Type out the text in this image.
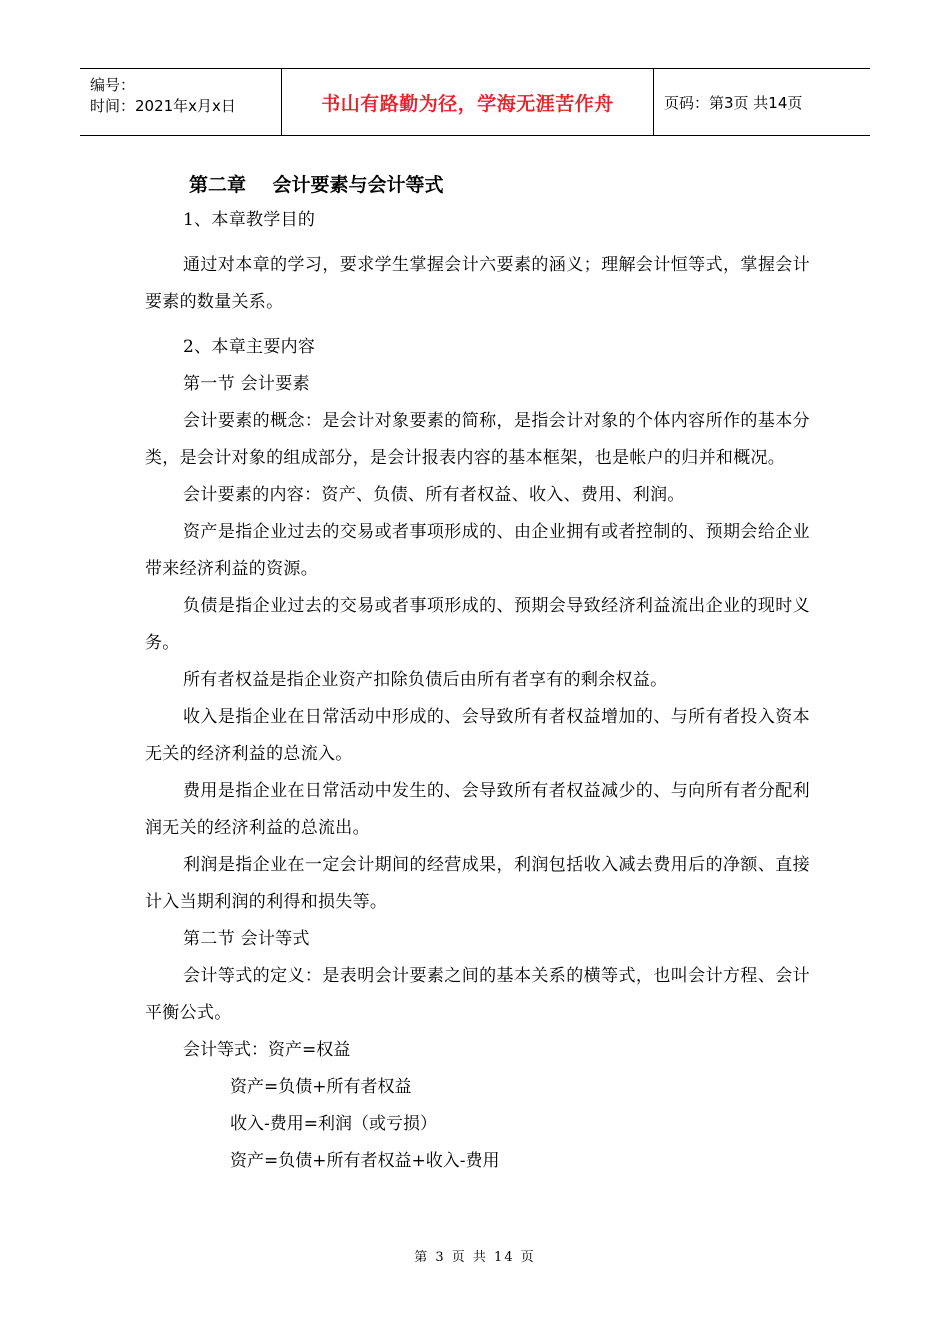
编号：
时间：2021年x月x日	书山有路勤为径，学海无涯苦作舟	页码：第3页 共14页
第二章    会计要素与会计等式

1、本章教学目的

通过对本章的学习，要求学生掌握会计六要素的涵义；理解会计恒等式，掌握会计要素的数量关系。

2、本章主要内容

第一节 会计要素

会计要素的概念：是会计对象要素的简称，是指会计对象的个体内容所作的基本分类，是会计对象的组成部分，是会计报表内容的基本框架，也是帐户的归并和概况。

会计要素的内容：资产、负债、所有者权益、收入、费用、利润。

资产是指企业过去的交易或者事项形成的、由企业拥有或者控制的、预期会给企业带来经济利益的资源。

负债是指企业过去的交易或者事项形成的、预期会导致经济利益流出企业的现时义务。

所有者权益是指企业资产扣除负债后由所有者享有的剩余权益。

收入是指企业在日常活动中形成的、会导致所有者权益增加的、与所有者投入资本无关的经济利益的总流入。

费用是指企业在日常活动中发生的、会导致所有者权益减少的、与向所有者分配利润无关的经济利益的总流出。

利润是指企业在一定会计期间的经营成果，利润包括收入减去费用后的净额、直接计入当期利润的利得和损失等。

第二节 会计等式

会计等式的定义：是表明会计要素之间的基本关系的横等式，也叫会计方程、会计平衡公式。

会计等式：资产=权益

资产=负债+所有者权益

收入-费用=利润（或亏损）

资产=负债+所有者权益+收入-费用

第 3 页 共 14 页
